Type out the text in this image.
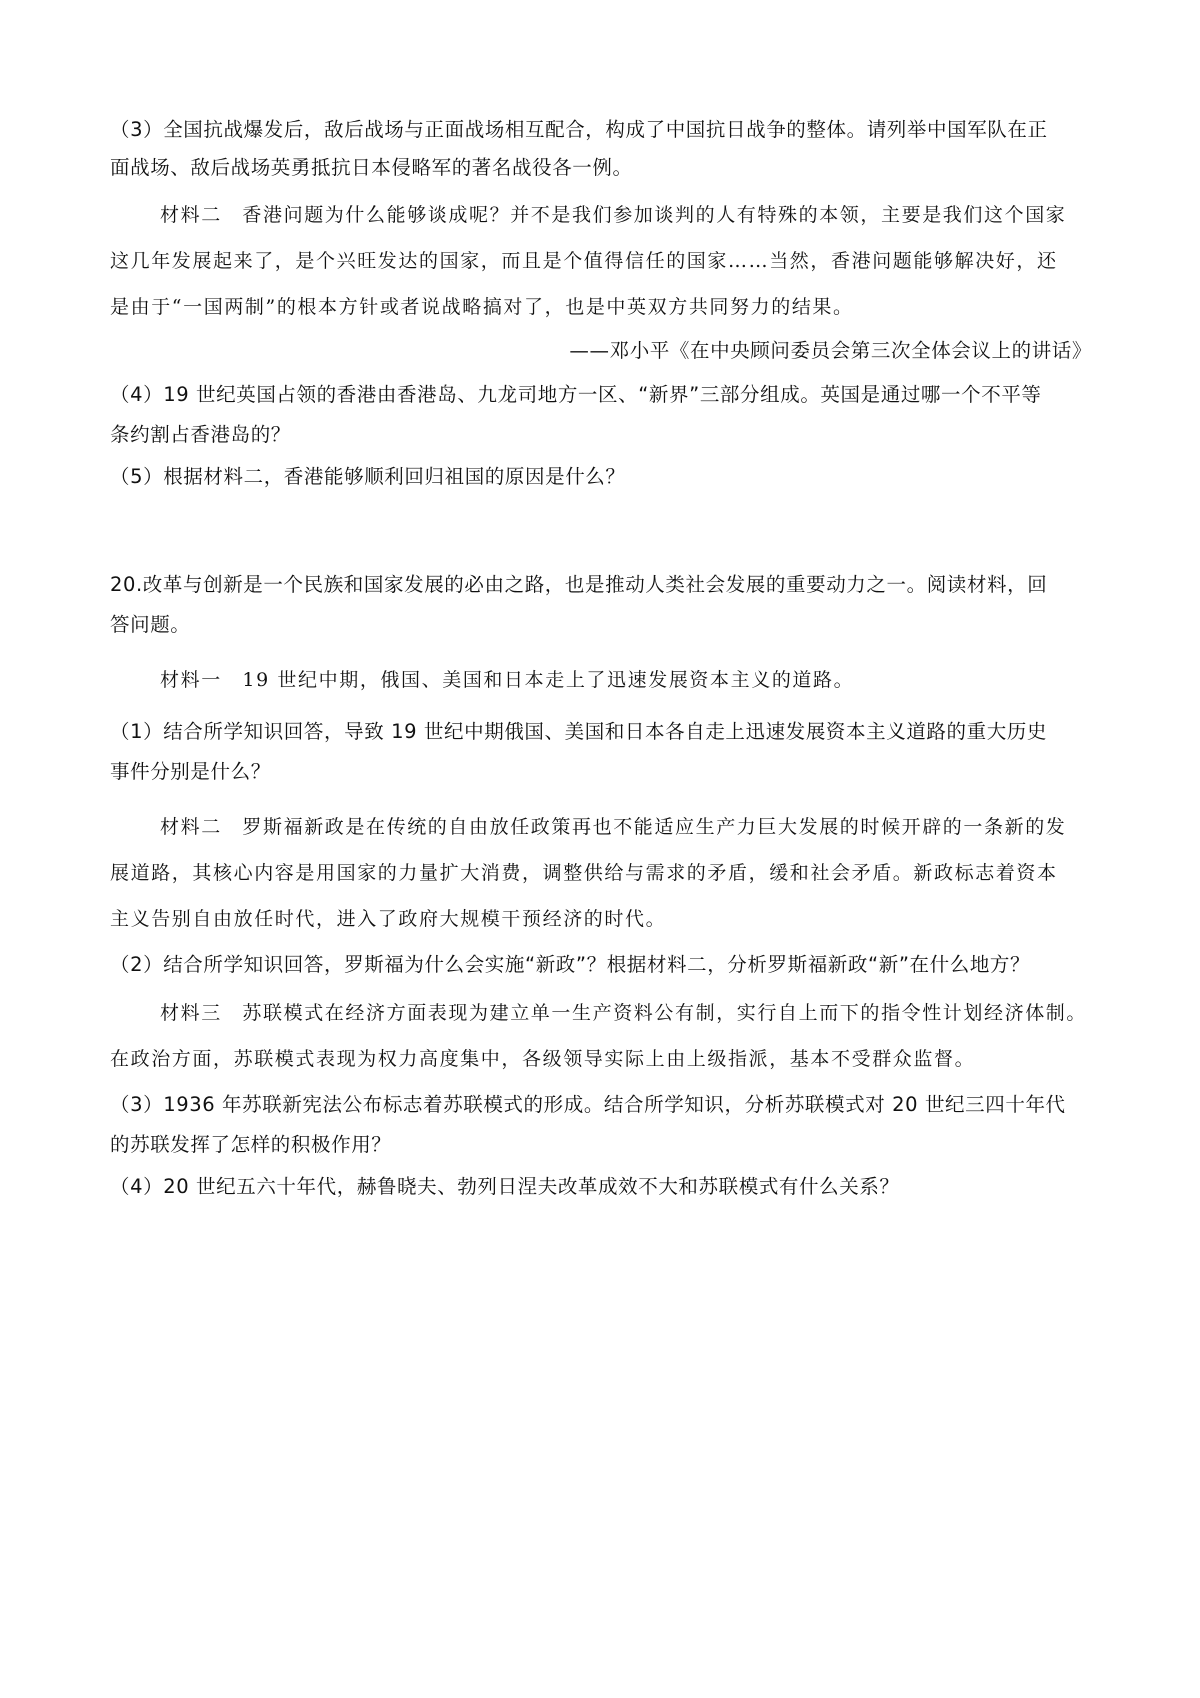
（3）全国抗战爆发后，敌后战场与正面战场相互配合，构成了中国抗日战争的整体。请列举中国军队在正
面战场、敌后战场英勇抵抗日本侵略军的著名战役各一例。
材料二　香港问题为什么能够谈成呢？并不是我们参加谈判的人有特殊的本领，主要是我们这个国家
这几年发展起来了，是个兴旺发达的国家，而且是个值得信任的国家……当然，香港问题能够解决好，还
是由于“一国两制”的根本方针或者说战略搞对了，也是中英双方共同努力的结果。
——邓小平《在中央顾问委员会第三次全体会议上的讲话》
（4）19 世纪英国占领的香港由香港岛、九龙司地方一区、“新界”三部分组成。英国是通过哪一个不平等
条约割占香港岛的？
（5）根据材料二，香港能够顺利回归祖国的原因是什么？
20.改革与创新是一个民族和国家发展的必由之路，也是推动人类社会发展的重要动力之一。阅读材料，回
答问题。
材料一　19 世纪中期，俄国、美国和日本走上了迅速发展资本主义的道路。
（1）结合所学知识回答，导致 19 世纪中期俄国、美国和日本各自走上迅速发展资本主义道路的重大历史
事件分别是什么？
材料二　罗斯福新政是在传统的自由放任政策再也不能适应生产力巨大发展的时候开辟的一条新的发
展道路，其核心内容是用国家的力量扩大消费，调整供给与需求的矛盾，缓和社会矛盾。新政标志着资本
主义告别自由放任时代，进入了政府大规模干预经济的时代。
（2）结合所学知识回答，罗斯福为什么会实施“新政”？根据材料二，分析罗斯福新政“新”在什么地方？
材料三　苏联模式在经济方面表现为建立单一生产资料公有制，实行自上而下的指令性计划经济体制。
在政治方面，苏联模式表现为权力高度集中，各级领导实际上由上级指派，基本不受群众监督。
（3）1936 年苏联新宪法公布标志着苏联模式的形成。结合所学知识，分析苏联模式对 20 世纪三四十年代
的苏联发挥了怎样的积极作用？
（4）20 世纪五六十年代，赫鲁晓夫、勃列日涅夫改革成效不大和苏联模式有什么关系？
